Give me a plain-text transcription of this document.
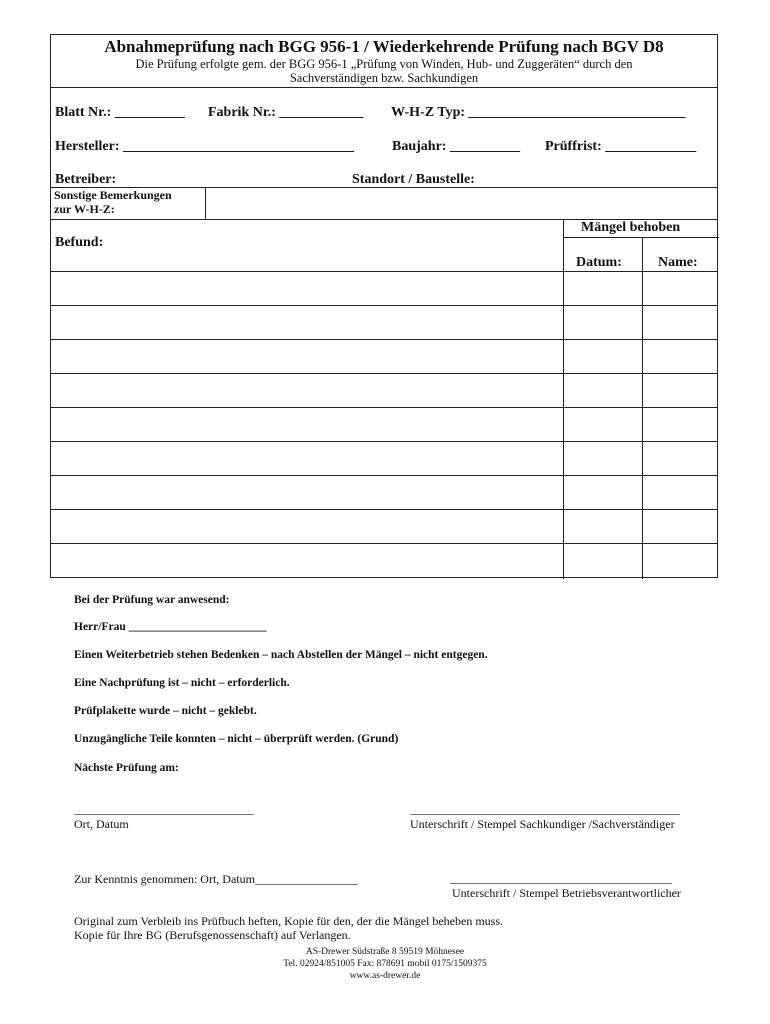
Abnahmeprüfung nach BGG 956-1 / Wiederkehrende Prüfung nach BGV D8
Die Prüfung erfolgte gem. der BGG 956-1 „Prüfung von Winden, Hub- und Zuggeräten“ durch den
Sachverständigen bzw. Sachkundigen
Blatt Nr.: __________ Fabrik Nr.: ____________ W-H-Z Typ: _______________________________
Hersteller: _________________________________	Baujahr: __________ Prüffrist: _____________
Betreiber:	Standort / Baustelle:
Sonstige Bemerkungen
zur W-H-Z:
Befund:
Mängel behoben
Datum:	Name:
Bei der Prüfung war anwesend:
Herr/Frau ________________________
Einen Weiterbetrieb stehen Bedenken – nach Abstellen der Mängel – nicht entgegen.
Eine Nachprüfung ist – nicht – erforderlich.
Prüfplakette wurde – nicht – geklebt.
Unzugängliche Teile konnten – nicht – überprüft werden. (Grund)
Nächste Prüfung am:
______________________________
Ort, Datum
_____________________________________________
Unterschrift / Stempel Sachkundiger /Sachverständiger
Zur Kenntnis genommen: Ort, Datum_________________	_____________________________________
Unterschrift / Stempel Betriebsverantwortlicher
Original zum Verbleib ins Prüfbuch heften, Kopie für den, der die Mängel beheben muss.
Kopie für Ihre BG (Berufsgenossenschaft) auf Verlangen.
AS-Drewer Südstraße 8 59519 Möhnesee
Tel. 02924/851005 Fax: 878691 mobil 0175/1509375
www.as-drewer.de
